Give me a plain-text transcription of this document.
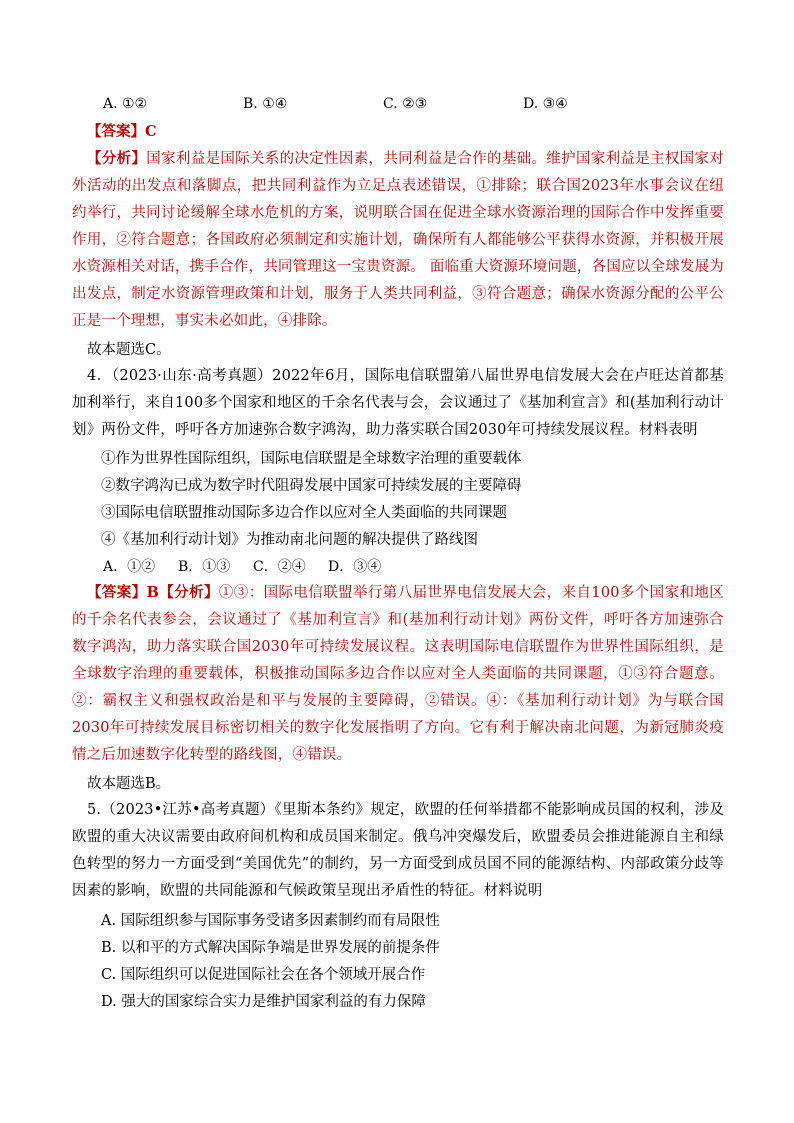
A. ①②	B. ①④	C. ②③	D. ③④
【答案】C

【分析】国家利益是国际关系的决定性因素，共同利益是合作的基础。维护国家利益是主权国家对外活动的出发点和落脚点，把共同利益作为立足点表述错误，①排除；联合国2023年水事会议在纽约举行，共同讨论缓解全球水危机的方案，说明联合国在促进全球水资源治理的国际合作中发挥重要作用，②符合题意；各国政府必须制定和实施计划，确保所有人都能够公平获得水资源，并积极开展水资源相关对话，携手合作，共同管理这一宝贵资源。 面临重大资源环境问题，各国应以全球发展为出发点，制定水资源管理政策和计划，服务于人类共同利益，③符合题意；确保水资源分配的公平公正是一个理想，事实未必如此，④排除。

故本题选C。

4．（2023·山东·高考真题）2022年6月，国际电信联盟第八届世界电信发展大会在卢旺达首都基加利举行，来自100多个国家和地区的千余名代表与会，会议通过了《基加利宣言》和(基加利行动计划》两份文件，呼吁各方加速弥合数字鸿沟，助力落实联合国2030年可持续发展议程。材料表明

①作为世界性国际组织，国际电信联盟是全球数字治理的重要载体
②数字鸿沟已成为数字时代阻碍发展中国家可持续发展的主要障碍
③国际电信联盟推动国际多边合作以应对全人类面临的共同课题
④《基加利行动计划》为推动南北问题的解决提供了路线图
A．①②	B．①③	C．②④	D．③④

【答案】B【分析】①③：国际电信联盟举行第八届世界电信发展大会，来自100多个国家和地区的千余名代表参会，会议通过了《基加利宣言》和(基加利行动计划》两份文件，呼吁各方加速弥合数字鸿沟，助力落实联合国2030年可持续发展议程。这表明国际电信联盟作为世界性国际组织，是全球数字治理的重要载体，积极推动国际多边合作以应对全人类面临的共同课题，①③符合题意。②：霸权主义和强权政治是和平与发展的主要障碍，②错误。④：《基加利行动计划》为与联合国2030年可持续发展目标密切相关的数字化发展指明了方向。它有利于解决南北问题，为新冠肺炎疫情之后加速数字化转型的路线图，④错误。

故本题选B。

5.（2023•江苏•高考真题）《里斯本条约》规定，欧盟的任何举措都不能影响成员国的权利，涉及欧盟的重大决议需要由政府间机构和成员国来制定。俄乌冲突爆发后，欧盟委员会推进能源自主和绿色转型的努力一方面受到“美国优先”的制约，另一方面受到成员国不同的能源结构、内部政策分歧等因素的影响，欧盟的共同能源和气候政策呈现出矛盾性的特征。材料说明

A. 国际组织参与国际事务受诸多因素制约而有局限性
B. 以和平的方式解决国际争端是世界发展的前提条件
C. 国际组织可以促进国际社会在各个领域开展合作
D. 强大的国家综合实力是维护国家利益的有力保障
